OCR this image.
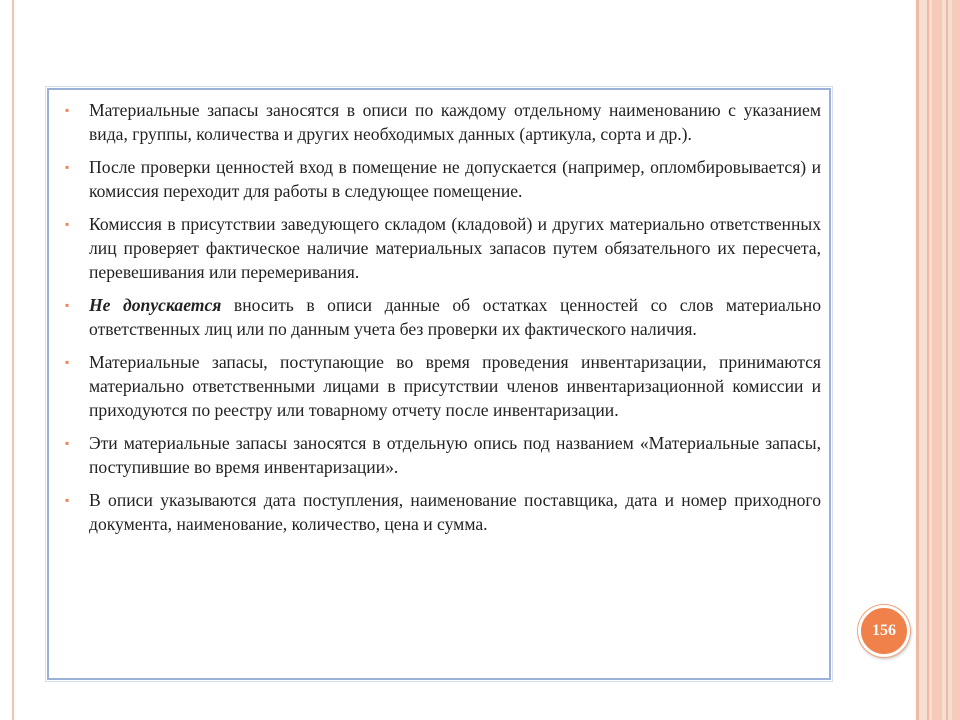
▪ Материальные запасы заносятся в описи по каждому отдельному наименованию с указанием вида, группы, количества и других необходимых данных (артикула, сорта и др.).
▪ После проверки ценностей вход в помещение не допускается (например, опломбировывается) и комиссия переходит для работы в следующее помещение.
▪ Комиссия в присутствии заведующего складом (кладовой) и других материально ответственных лиц проверяет фактическое наличие материальных запасов путем обязательного их пересчета, перевешивания или перемеривания.
▪ Не допускается вносить в описи данные об остатках ценностей со слов материально ответственных лиц или по данным учета без проверки их фактического наличия.
▪ Материальные запасы, поступающие во время проведения инвентаризации, принимаются материально ответственными лицами в присутствии членов инвентаризационной комиссии и приходуются по реестру или товарному отчету после инвентаризации.
▪ Эти материальные запасы заносятся в отдельную опись под названием «Материальные запасы, поступившие во время инвентаризации».
▪ В описи указываются дата поступления, наименование поставщика, дата и номер приходного документа, наименование, количество, цена и сумма.
156
